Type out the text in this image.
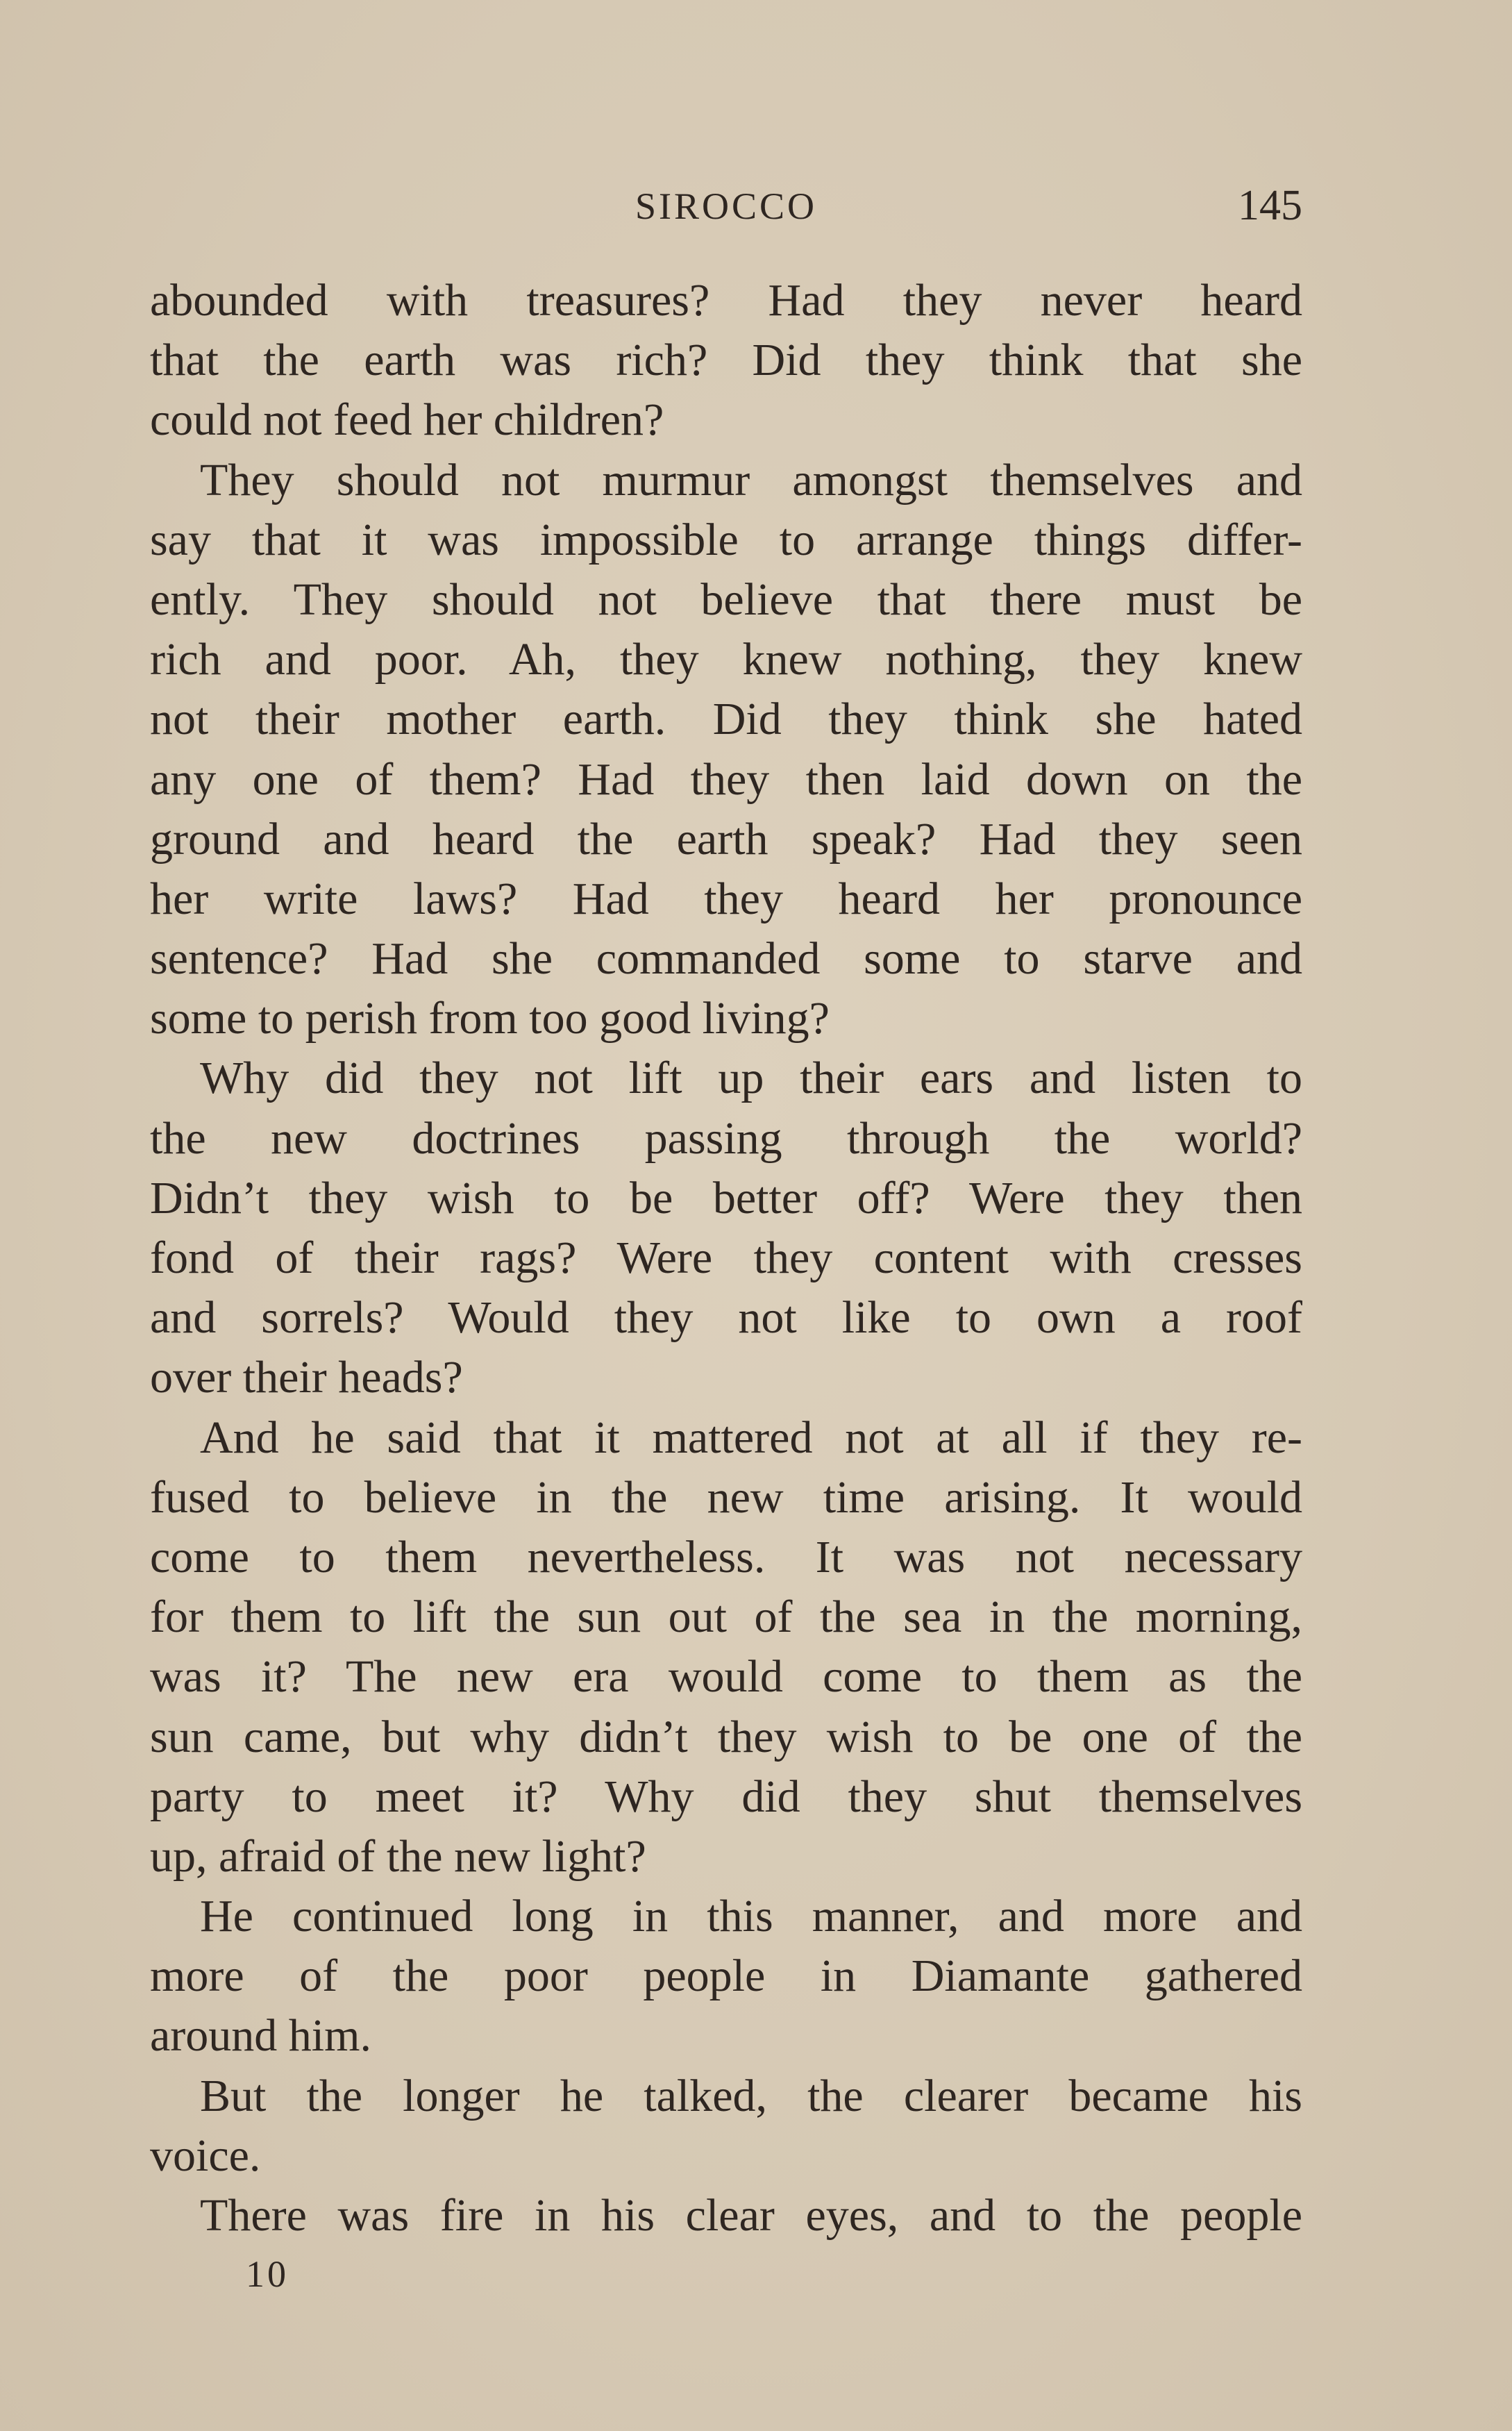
SIROCCO	145
abounded with treasures? Had they never heard
that the earth was rich? Did they think that she
could not feed her children?
They should not murmur amongst themselves and
say that it was impossible to arrange things differ-
ently. They should not believe that there must be
rich and poor. Ah, they knew nothing, they knew
not their mother earth. Did they think she hated
any one of them? Had they then laid down on the
ground and heard the earth speak? Had they seen
her write laws? Had they heard her pronounce
sentence? Had she commanded some to starve and
some to perish from too good living?
Why did they not lift up their ears and listen to
the new doctrines passing through the world?
Didn’t they wish to be better off? Were they then
fond of their rags? Were they content with cresses
and sorrels? Would they not like to own a roof
over their heads?
And he said that it mattered not at all if they re-
fused to believe in the new time arising. It would
come to them nevertheless. It was not necessary
for them to lift the sun out of the sea in the morning,
was it? The new era would come to them as the
sun came, but why didn’t they wish to be one of the
party to meet it? Why did they shut themselves
up, afraid of the new light?
He continued long in this manner, and more and
more of the poor people in Diamante gathered
around him.
But the longer he talked, the clearer became his
voice.
There was fire in his clear eyes, and to the people
10
